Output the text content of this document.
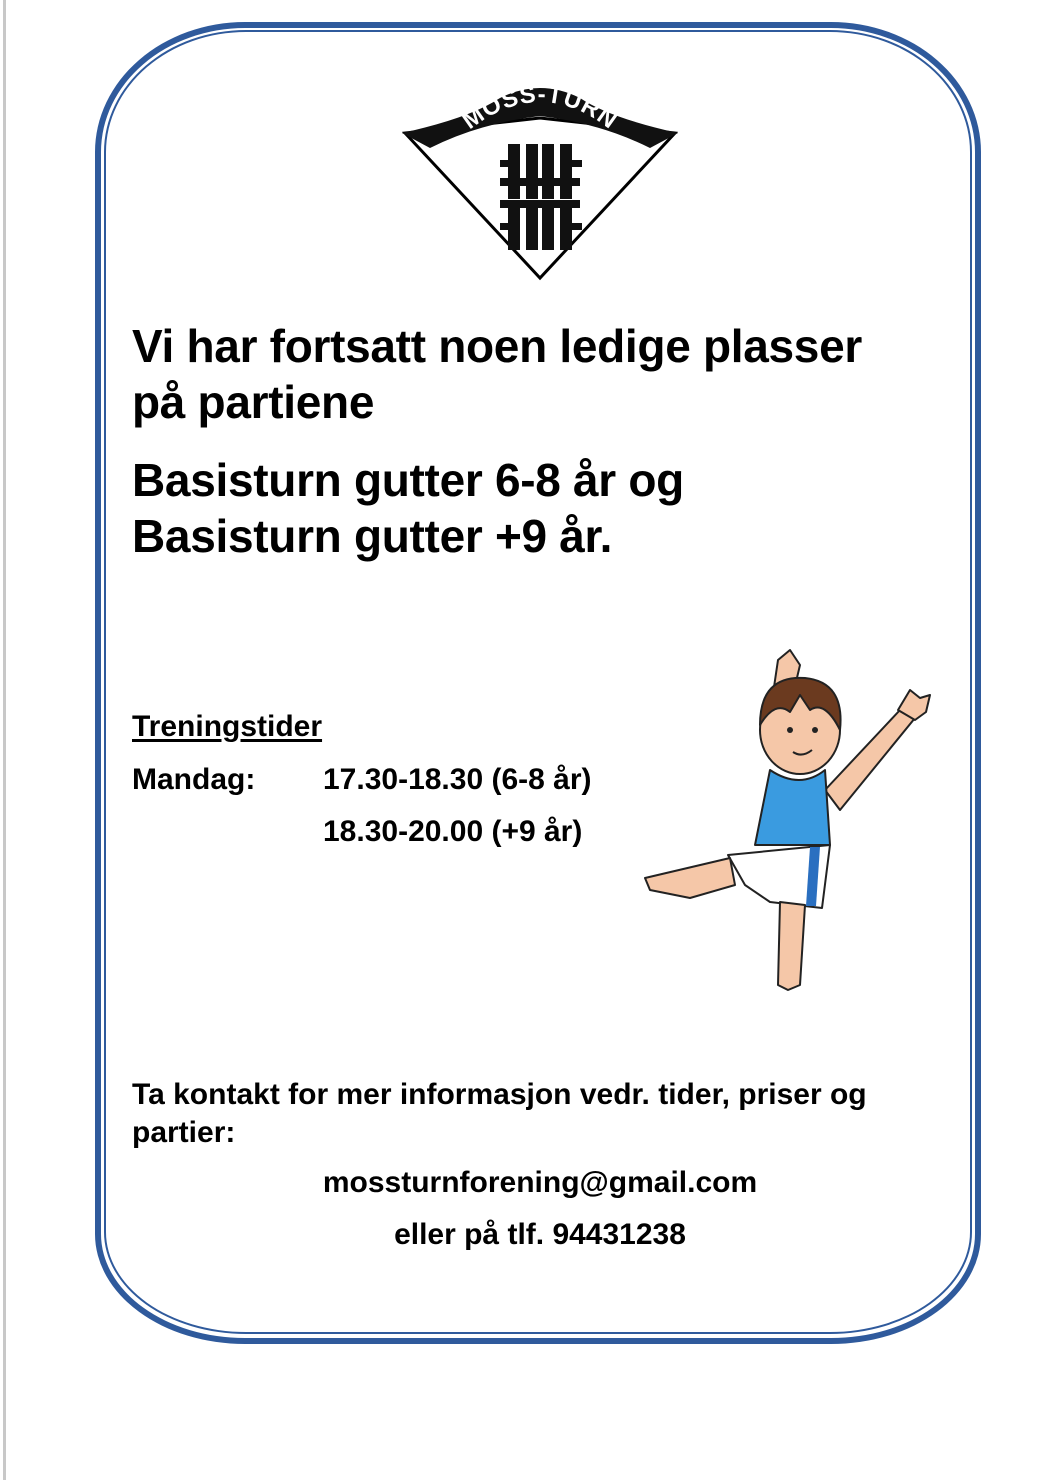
MOSS-TURN
Vi har fortsatt noen ledige plasser
på partiene
Basisturn gutter 6-8 år og
Basisturn gutter +9 år.
Treningstider
Mandag: 17.30-18.30 (6-8 år)
18.30-20.00 (+9 år)
Ta kontakt for mer informasjon vedr. tider, priser og partier:
mossturnforening@gmail.com
eller på tlf. 94431238
